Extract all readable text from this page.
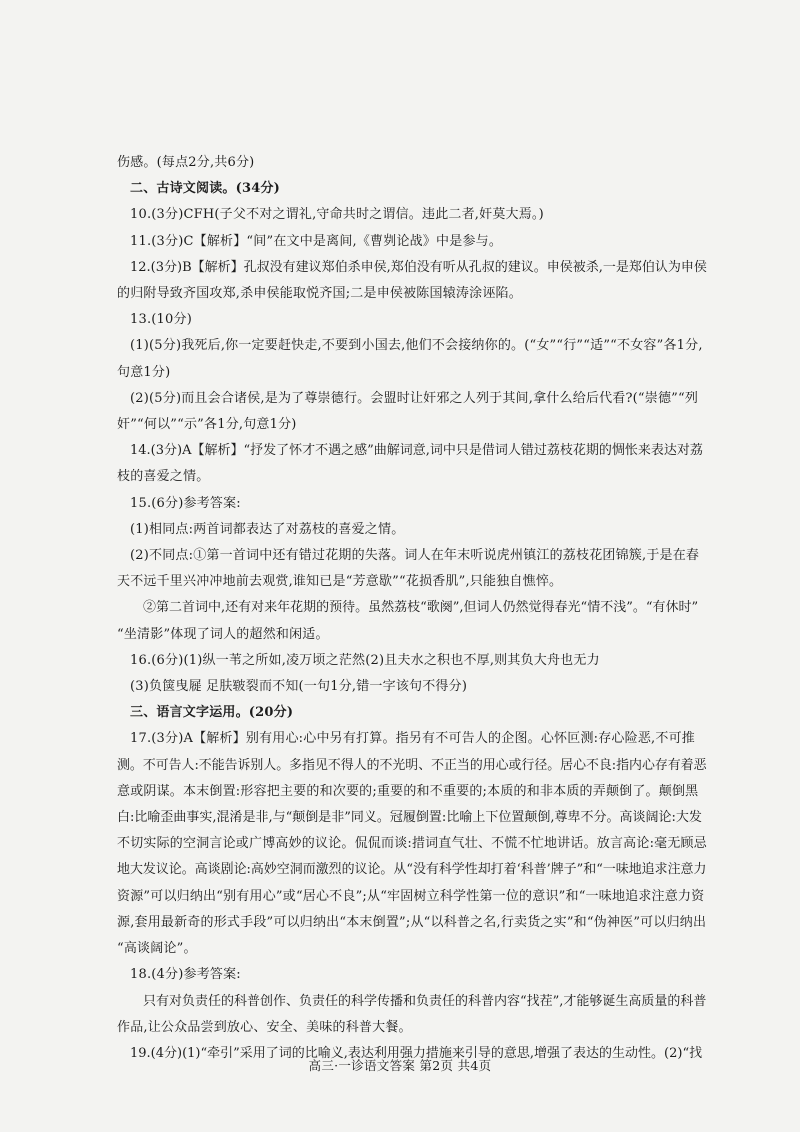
伤感。(每点2分,共6分)
二、古诗文阅读。(34分)
10.(3分)CFH(子父不对之谓礼,守命共时之谓信。违此二者,奸莫大焉。)
11.(3分)C【解析】“间”在文中是离间,《曹刿论战》中是参与。
12.(3分)B【解析】孔叔没有建议郑伯杀申侯,郑伯没有听从孔叔的建议。申侯被杀,一是郑伯认为申侯
的归附导致齐国攻郑,杀申侯能取悦齐国;二是申侯被陈国辕涛涂诬陷。
13.(10分)
(1)(5分)我死后,你一定要赶快走,不要到小国去,他们不会接纳你的。(“女”“行”“适”“不女容”各1分,
句意1分)
(2)(5分)而且会合诸侯,是为了尊崇德行。会盟时让奸邪之人列于其间,拿什么给后代看?(“崇德”“列
奸”“何以”“示”各1分,句意1分)
14.(3分)A【解析】“抒发了怀才不遇之感”曲解词意,词中只是借词人错过荔枝花期的惆怅来表达对荔
枝的喜爱之情。
15.(6分)参考答案:
(1)相同点:两首词都表达了对荔枝的喜爱之情。
(2)不同点:①第一首词中还有错过花期的失落。词人在年末听说虎州镇江的荔枝花团锦簇,于是在春
天不远千里兴冲冲地前去观赏,谁知已是“芳意歇”“花损香肌”,只能独自憔悴。
②第二首词中,还有对来年花期的预待。虽然荔枝“歌阕”,但词人仍然觉得春光“情不浅”。“有休时”
“坐清影”体现了词人的超然和闲适。
16.(6分)(1)纵一苇之所如,凌万顷之茫然(2)且夫水之积也不厚,则其负大舟也无力
(3)负箧曳屣 足肤皲裂而不知(一句1分,错一字该句不得分)
三、语言文字运用。(20分)
17.(3分)A【解析】别有用心:心中另有打算。指另有不可告人的企图。心怀叵测:存心险恶,不可推
测。不可告人:不能告诉别人。多指见不得人的不光明、不正当的用心或行径。居心不良:指内心存有着恶
意或阴谋。本末倒置:形容把主要的和次要的;重要的和不重要的;本质的和非本质的弄颠倒了。颠倒黑
白:比喻歪曲事实,混淆是非,与“颠倒是非”同义。冠履倒置:比喻上下位置颠倒,尊卑不分。高谈阔论:大发
不切实际的空洞言论或广博高妙的议论。侃侃而谈:措词直气壮、不慌不忙地讲话。放言高论:毫无顾忌
地大发议论。高谈剧论:高妙空洞而激烈的议论。从“没有科学性却打着‘科普’牌子”和“一味地追求注意力
资源”可以归纳出“别有用心”或“居心不良”;从“牢固树立科学性第一位的意识”和“一味地追求注意力资
源,套用最新奇的形式手段”可以归纳出“本末倒置”;从“以科普之名,行卖货之实”和“伪神医”可以归纳出
“高谈阔论”。
18.(4分)参考答案:
只有对负责任的科普创作、负责任的科学传播和负责任的科普内容“找茬”,才能够诞生高质量的科普
作品,让公众品尝到放心、安全、美味的科普大餐。
19.(4分)(1)“牵引”采用了词的比喻义,表达利用强力措施来引导的意思,增强了表达的生动性。(2)“找
高三·一诊语文答案 第2页 共4页
